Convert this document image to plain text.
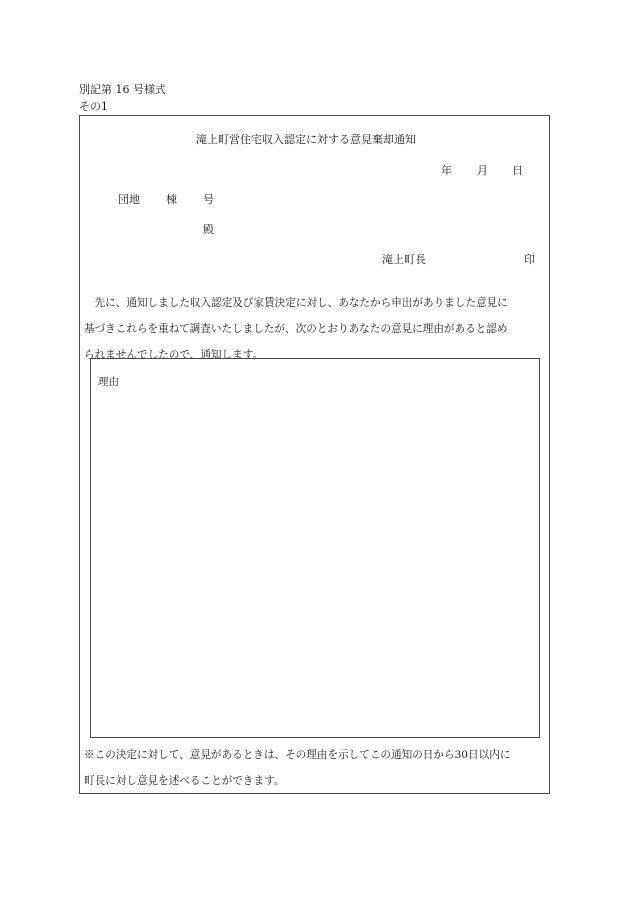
別記第 16 号様式
その1
滝上町営住宅収入認定に対する意見棄却通知
年 月 日
団地 棟 号
殿
滝上町長	印
　先に、通知しました収入認定及び家賃決定に対し、あなたから申出がありました意見に
基づきこれらを重ねて調査いたしましたが、次のとおりあなたの意見に理由があると認め
られませんでしたので、通知します。
理由
※この決定に対して、意見があるときは、その理由を示してこの通知の日から30日以内に
町長に対し意見を述べることができます。
